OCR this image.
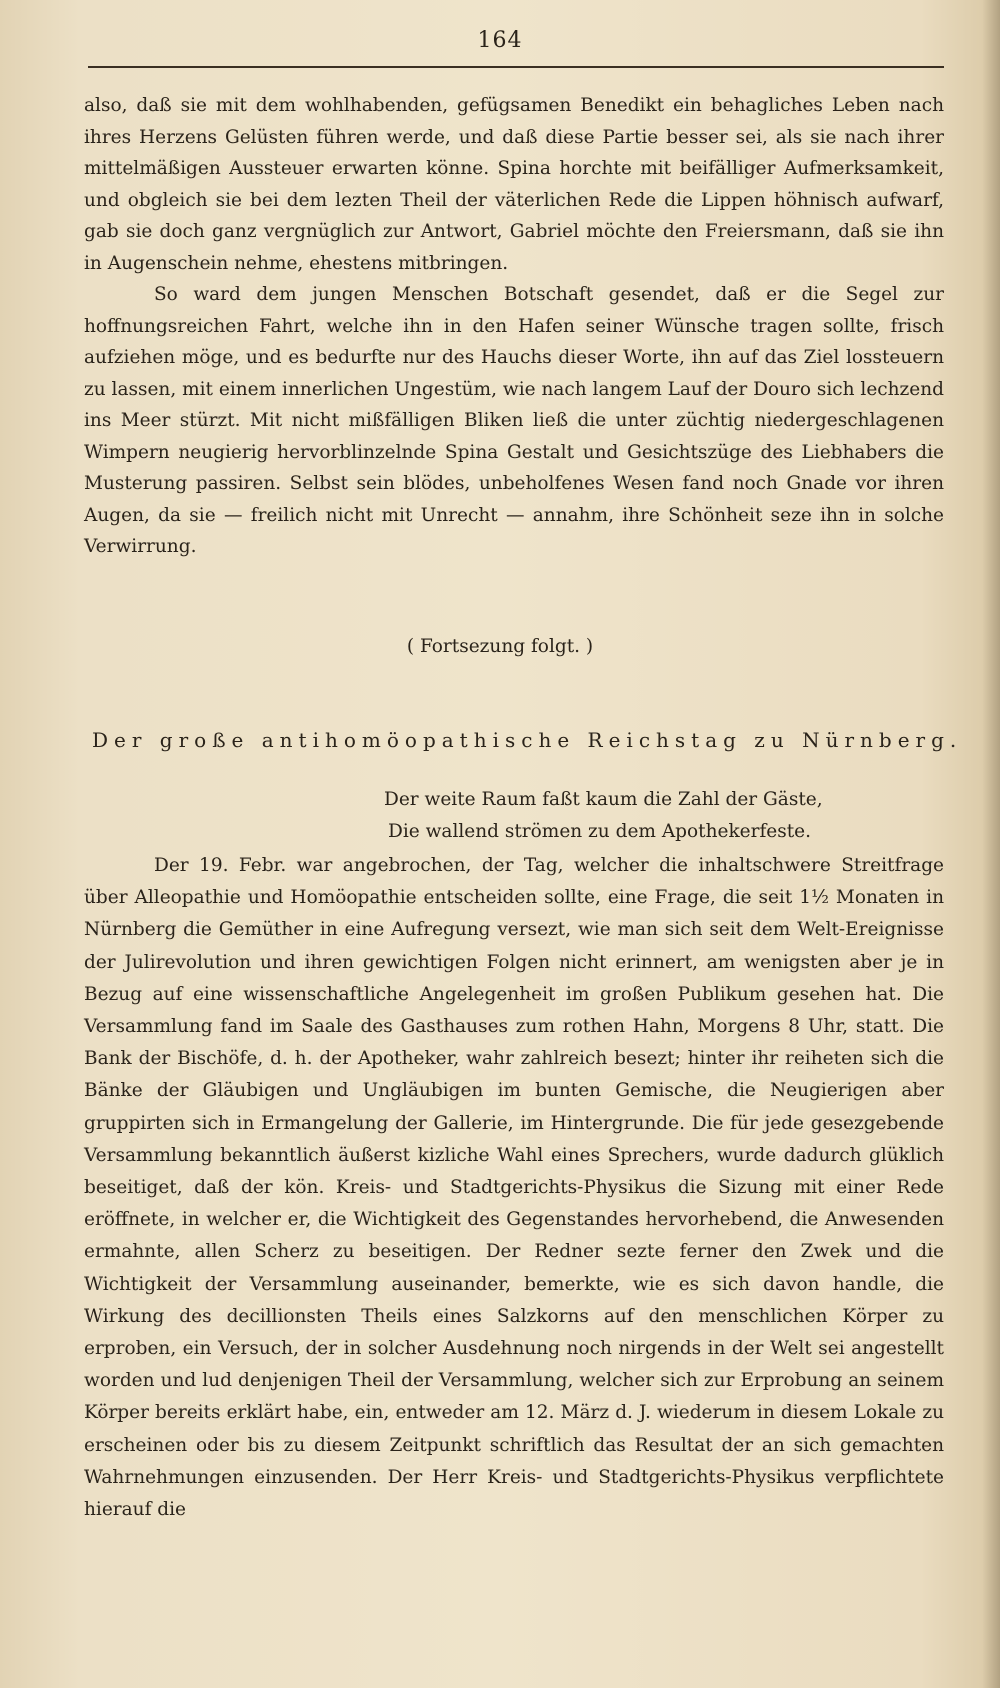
164

also, daß sie mit dem wohlhabenden, gefügsamen Benedikt ein behagliches Leben nach ihres Herzens Gelüsten führen werde, und daß diese Partie besser sei, als sie nach ihrer mittelmäßigen Aussteuer erwarten könne. Spina horchte mit beifälliger Aufmerksamkeit, und obgleich sie bei dem lezten Theil der väterlichen Rede die Lippen höhnisch aufwarf, gab sie doch ganz vergnüglich zur Antwort, Gabriel möchte den Freiersmann, daß sie ihn in Augenschein nehme, ehestens mitbringen.

So ward dem jungen Menschen Botschaft gesendet, daß er die Segel zur hoffnungsreichen Fahrt, welche ihn in den Hafen seiner Wünsche tragen sollte, frisch aufziehen möge, und es bedurfte nur des Hauchs dieser Worte, ihn auf das Ziel lossteuern zu lassen, mit einem innerlichen Ungestüm, wie nach langem Lauf der Douro sich lechzend ins Meer stürzt. Mit nicht mißfälligen Bliken ließ die unter züchtig niedergeschlagenen Wimpern neugierig hervorblinzelnde Spina Gestalt und Gesichtszüge des Liebhabers die Musterung passiren. Selbst sein blödes, unbeholfenes Wesen fand noch Gnade vor ihren Augen, da sie — freilich nicht mit Unrecht — annahm, ihre Schönheit seze ihn in solche Verwirrung.

( Fortsezung folgt. )
Der große antihomöopathische Reichstag zu Nürnberg.
Der weite Raum faßt kaum die Zahl der Gäste,
Die wallend strömen zu dem Apothekerfeste.

Der 19. Febr. war angebrochen, der Tag, welcher die inhaltschwere Streitfrage über Alleopathie und Homöopathie entscheiden sollte, eine Frage, die seit 1½ Monaten in Nürnberg die Gemüther in eine Aufregung versezt, wie man sich seit dem Welt-Ereignisse der Julirevolution und ihren gewichtigen Folgen nicht erinnert, am wenigsten aber je in Bezug auf eine wissenschaftliche Angelegenheit im großen Publikum gesehen hat. Die Versammlung fand im Saale des Gasthauses zum rothen Hahn, Morgens 8 Uhr, statt. Die Bank der Bischöfe, d. h. der Apotheker, wahr zahlreich besezt; hinter ihr reiheten sich die Bänke der Gläubigen und Ungläubigen im bunten Gemische, die Neugierigen aber gruppirten sich in Ermangelung der Gallerie, im Hintergrunde. Die für jede gesezgebende Versammlung bekanntlich äußerst kizliche Wahl eines Sprechers, wurde dadurch glüklich beseitiget, daß der kön. Kreis- und Stadtgerichts-Physikus die Sizung mit einer Rede eröffnete, in welcher er, die Wichtigkeit des Gegenstandes hervorhebend, die Anwesenden ermahnte, allen Scherz zu beseitigen. Der Redner sezte ferner den Zwek und die Wichtigkeit der Versammlung auseinander, bemerkte, wie es sich davon handle, die Wirkung des decillionsten Theils eines Salzkorns auf den menschlichen Körper zu erproben, ein Versuch, der in solcher Ausdehnung noch nirgends in der Welt sei angestellt worden und lud denjenigen Theil der Versammlung, welcher sich zur Erprobung an seinem Körper bereits erklärt habe, ein, entweder am 12. März d. J. wiederum in diesem Lokale zu erscheinen oder bis zu diesem Zeitpunkt schriftlich das Resultat der an sich gemachten Wahrnehmungen einzusenden. Der Herr Kreis- und Stadtgerichts-Physikus verpflichtete hierauf die
